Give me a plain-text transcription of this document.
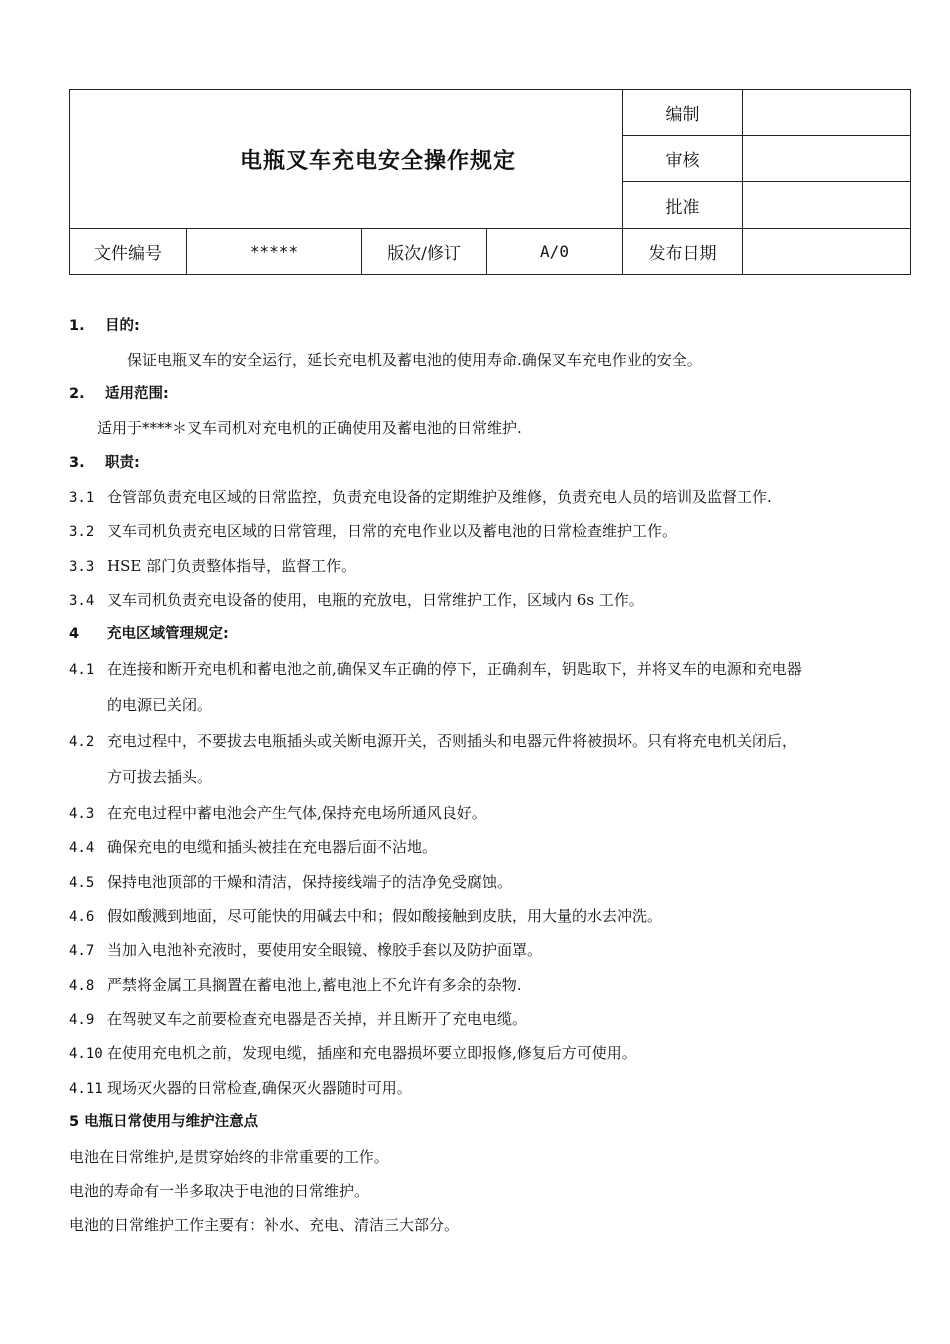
电瓶叉车充电安全操作规定				编制	
				审核	
				批准	
文件编号	*****	版次/修订	A/0	发布日期	
1. 目的:
保证电瓶叉车的安全运行，延长充电机及蓄电池的使用寿命.确保叉车充电作业的安全。
2. 适用范围:
适用于****＊叉车司机对充电机的正确使用及蓄电池的日常维护.
3. 职责:
3.1 仓管部负责充电区域的日常监控，负责充电设备的定期维护及维修，负责充电人员的培训及监督工作.
3.2 叉车司机负责充电区域的日常管理，日常的充电作业以及蓄电池的日常检查维护工作。
3.3 HSE 部门负责整体指导，监督工作。
3.4 叉车司机负责充电设备的使用，电瓶的充放电，日常维护工作，区域内 6s 工作。
4 充电区域管理规定:
4.1 在连接和断开充电机和蓄电池之前,确保叉车正确的停下，正确刹车，钥匙取下，并将叉车的电源和充电器
的电源已关闭。
4.2 充电过程中，不要拔去电瓶插头或关断电源开关，否则插头和电器元件将被损坏。只有将充电机关闭后，
方可拔去插头。
4.3 在充电过程中蓄电池会产生气体,保持充电场所通风良好。
4.4 确保充电的电缆和插头被挂在充电器后面不沾地。
4.5 保持电池顶部的干燥和清洁，保持接线端子的洁净免受腐蚀。
4.6 假如酸溅到地面，尽可能快的用碱去中和；假如酸接触到皮肤，用大量的水去冲洗。
4.7 当加入电池补充液时，要使用安全眼镜、橡胶手套以及防护面罩。
4.8 严禁将金属工具搁置在蓄电池上,蓄电池上不允许有多余的杂物.
4.9 在驾驶叉车之前要检查充电器是否关掉，并且断开了充电电缆。
4.10 在使用充电机之前，发现电缆，插座和充电器损坏要立即报修,修复后方可使用。
4.11 现场灭火器的日常检查,确保灭火器随时可用。
5 电瓶日常使用与维护注意点
电池在日常维护,是贯穿始终的非常重要的工作。
电池的寿命有一半多取决于电池的日常维护。
电池的日常维护工作主要有：补水、充电、清洁三大部分。
